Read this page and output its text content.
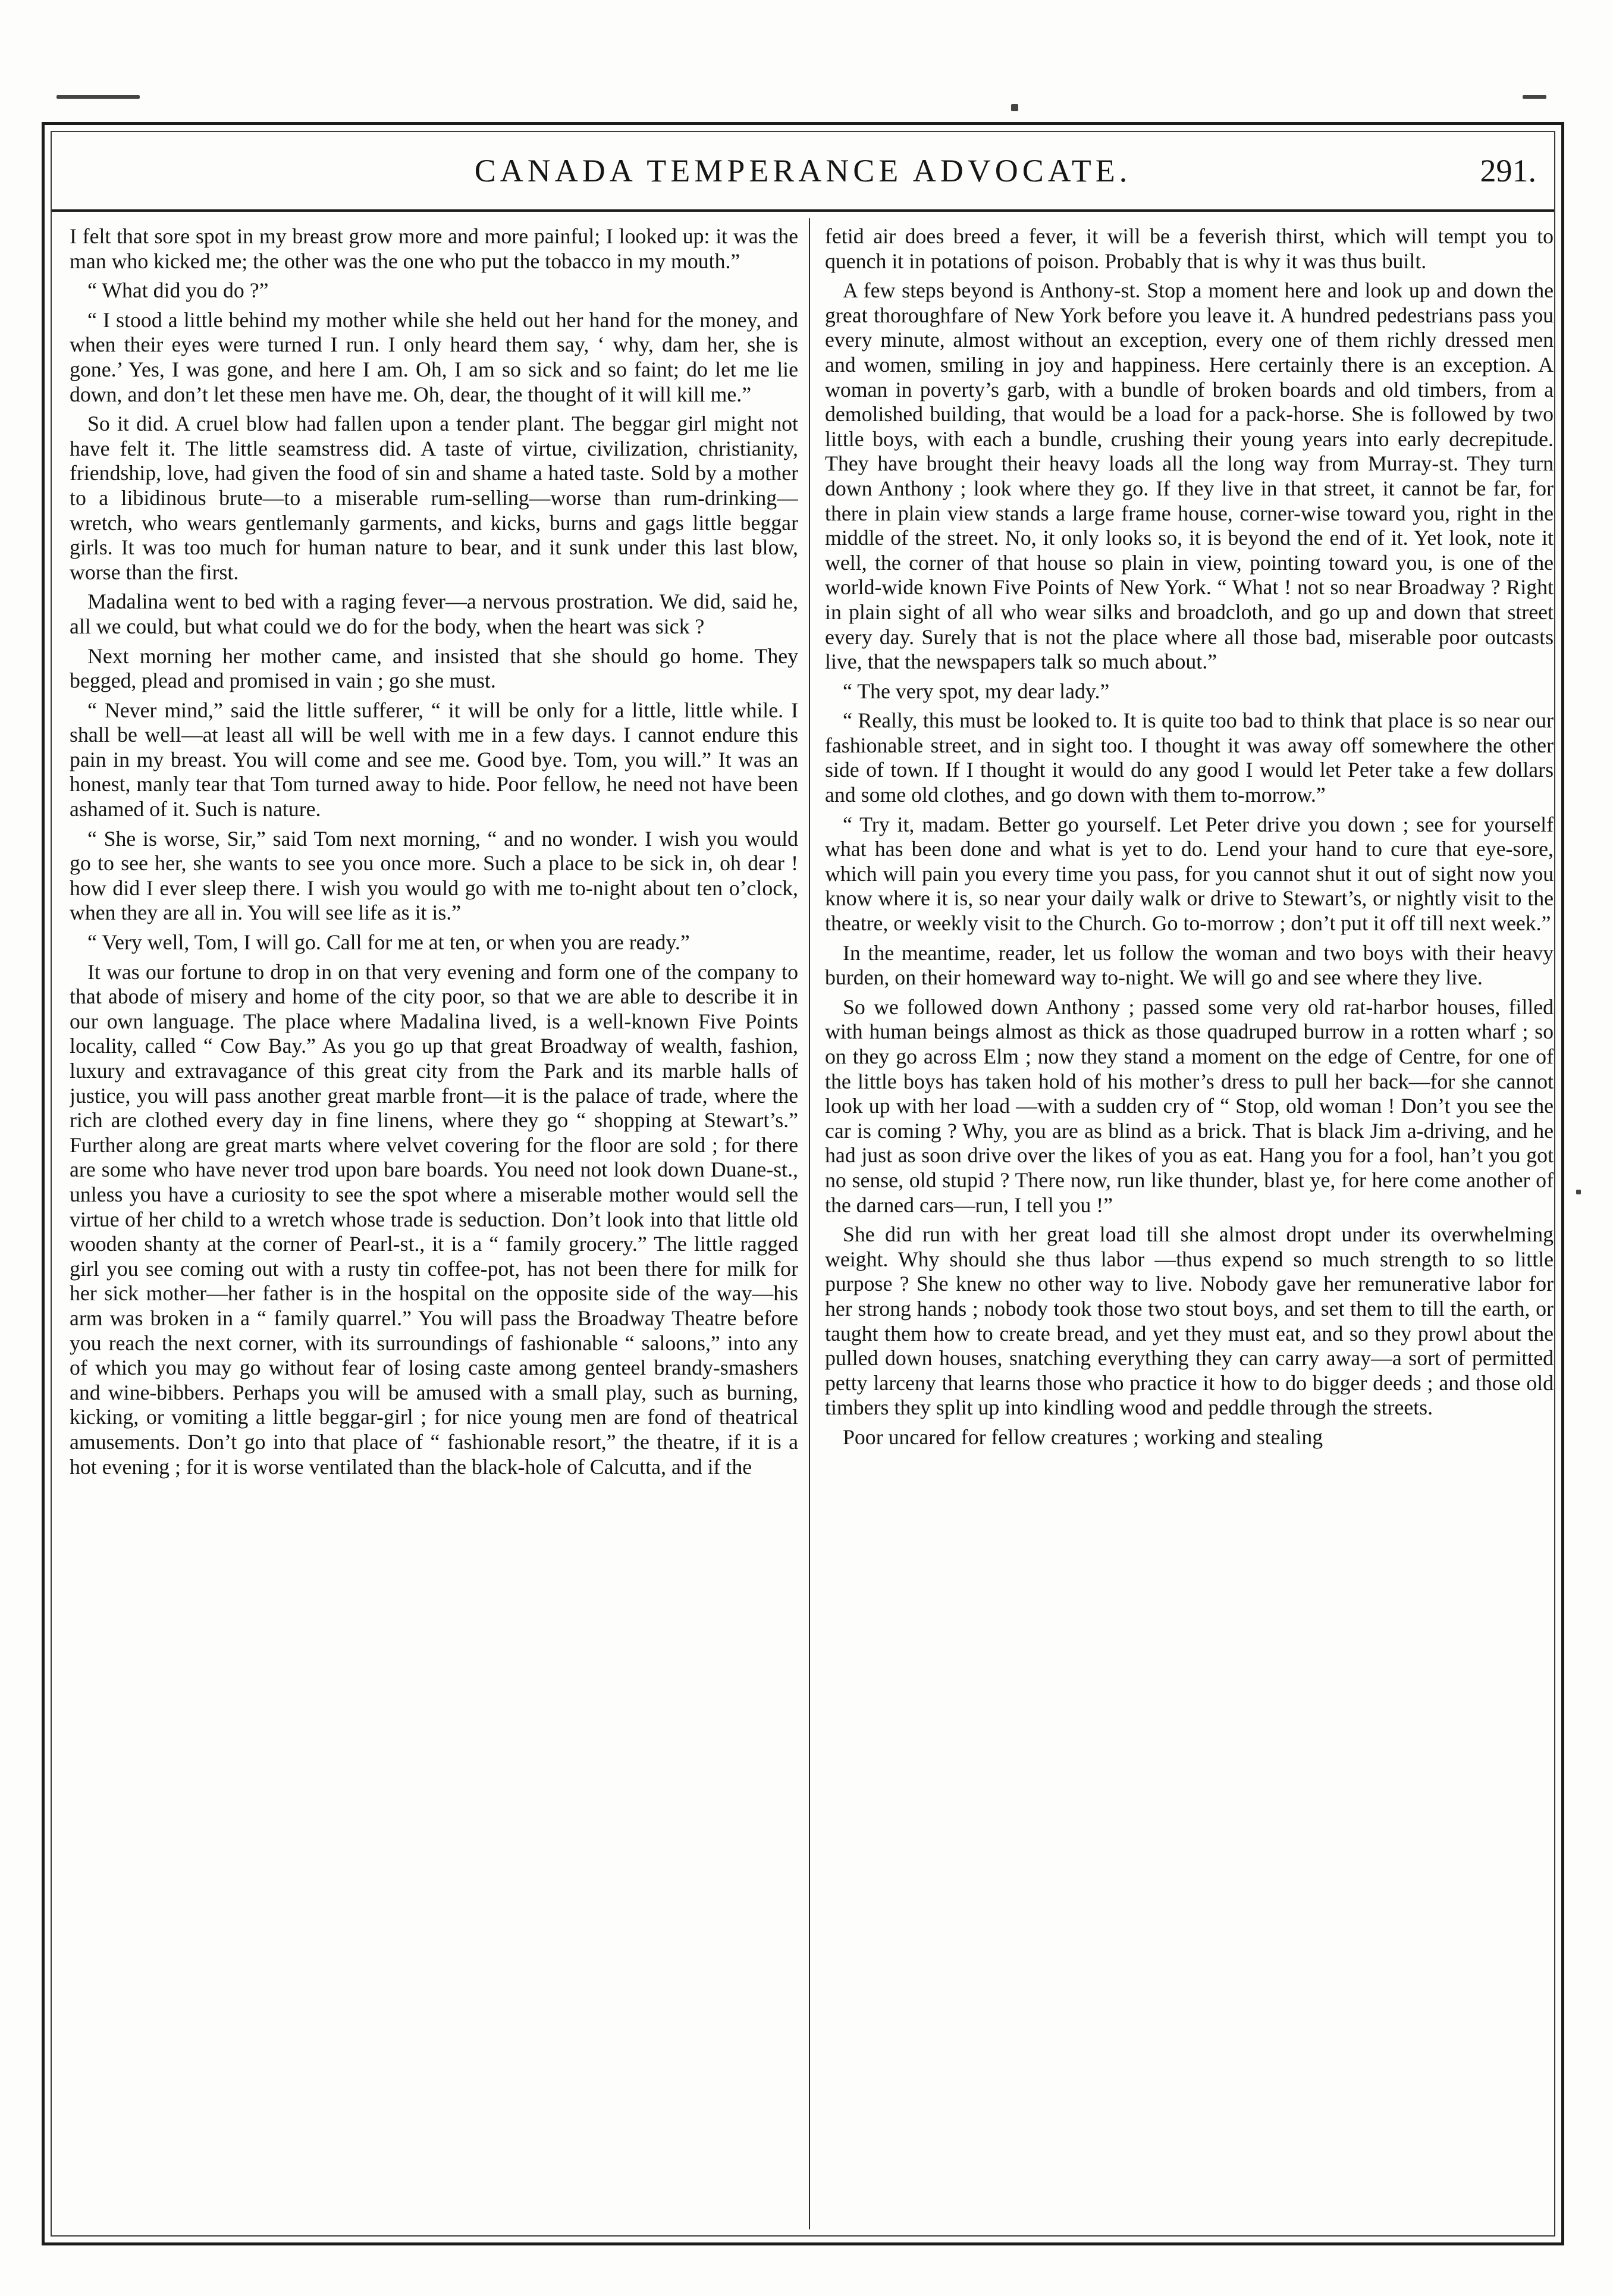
CANADA TEMPERANCE ADVOCATE.	291.

I felt that sore spot in my breast grow more and more painful; I looked up: it was the man who kicked me; the other was the one who put the tobacco in my mouth.”

“ What did you do ?”

“ I stood a little behind my mother while she held out her hand for the money, and when their eyes were turned I run. I only heard them say, ‘ why, dam her, she is gone.’ Yes, I was gone, and here I am. Oh, I am so sick and so faint; do let me lie down, and don’t let these men have me. Oh, dear, the thought of it will kill me.”

So it did. A cruel blow had fallen upon a tender plant. The beggar girl might not have felt it. The little seamstress did. A taste of virtue, civilization, christianity, friendship, love, had given the food of sin and shame a hated taste. Sold by a mother to a libidinous brute—to a miserable rum-selling—worse than rum-drinking—wretch, who wears gentlemanly garments, and kicks, burns and gags little beggar girls. It was too much for human nature to bear, and it sunk under this last blow, worse than the first.

Madalina went to bed with a raging fever—a nervous prostration. We did, said he, all we could, but what could we do for the body, when the heart was sick ?

Next morning her mother came, and insisted that she should go home. They begged, plead and promised in vain ; go she must.

“ Never mind,” said the little sufferer, “ it will be only for a little, little while. I shall be well—at least all will be well with me in a few days. I cannot endure this pain in my breast. You will come and see me. Good bye. Tom, you will.” It was an honest, manly tear that Tom turned away to hide. Poor fellow, he need not have been ashamed of it. Such is nature.

“ She is worse, Sir,” said Tom next morning, “ and no wonder. I wish you would go to see her, she wants to see you once more. Such a place to be sick in, oh dear ! how did I ever sleep there. I wish you would go with me to-night about ten o’clock, when they are all in. You will see life as it is.”

“ Very well, Tom, I will go. Call for me at ten, or when you are ready.”

It was our fortune to drop in on that very evening and form one of the company to that abode of misery and home of the city poor, so that we are able to describe it in our own language. The place where Madalina lived, is a well-known Five Points locality, called “ Cow Bay.” As you go up that great Broadway of wealth, fashion, luxury and extravagance of this great city from the Park and its marble halls of justice, you will pass another great marble front—it is the palace of trade, where the rich are clothed every day in fine linens, where they go “ shopping at Stewart’s.” Further along are great marts where velvet covering for the floor are sold ; for there are some who have never trod upon bare boards. You need not look down Duane-st., unless you have a curiosity to see the spot where a miserable mother would sell the virtue of her child to a wretch whose trade is seduction. Don’t look into that little old wooden shanty at the corner of Pearl-st., it is a “ family grocery.” The little ragged girl you see coming out with a rusty tin coffee-pot, has not been there for milk for her sick mother—her father is in the hospital on the opposite side of the way—his arm was broken in a “ family quarrel.” You will pass the Broadway Theatre before you reach the next corner, with its surroundings of fashionable “ saloons,” into any of which you may go without fear of losing caste among genteel brandy-smashers and wine-bibbers. Perhaps you will be amused with a small play, such as burning, kicking, or vomiting a little beggar-girl ; for nice young men are fond of theatrical amusements. Don’t go into that place of “ fashionable resort,” the theatre, if it is a hot evening ; for it is worse ventilated than the black-hole of Calcutta, and if the

fetid air does breed a fever, it will be a feverish thirst, which will tempt you to quench it in potations of poison. Probably that is why it was thus built.

A few steps beyond is Anthony-st. Stop a moment here and look up and down the great thoroughfare of New York before you leave it. A hundred pedestrians pass you every minute, almost without an exception, every one of them richly dressed men and women, smiling in joy and happiness. Here certainly there is an exception. A woman in poverty’s garb, with a bundle of broken boards and old timbers, from a demolished building, that would be a load for a pack-horse. She is followed by two little boys, with each a bundle, crushing their young years into early decrepitude. They have brought their heavy loads all the long way from Murray-st. They turn down Anthony ; look where they go. If they live in that street, it cannot be far, for there in plain view stands a large frame house, corner-wise toward you, right in the middle of the street. No, it only looks so, it is beyond the end of it. Yet look, note it well, the corner of that house so plain in view, pointing toward you, is one of the world-wide known Five Points of New York. “ What ! not so near Broadway ? Right in plain sight of all who wear silks and broadcloth, and go up and down that street every day. Surely that is not the place where all those bad, miserable poor outcasts live, that the newspapers talk so much about.”

“ The very spot, my dear lady.”

“ Really, this must be looked to. It is quite too bad to think that place is so near our fashionable street, and in sight too. I thought it was away off somewhere the other side of town. If I thought it would do any good I would let Peter take a few dollars and some old clothes, and go down with them to-morrow.”

“ Try it, madam. Better go yourself. Let Peter drive you down ; see for yourself what has been done and what is yet to do. Lend your hand to cure that eye-sore, which will pain you every time you pass, for you cannot shut it out of sight now you know where it is, so near your daily walk or drive to Stewart’s, or nightly visit to the theatre, or weekly visit to the Church. Go to-morrow ; don’t put it off till next week.”

In the meantime, reader, let us follow the woman and two boys with their heavy burden, on their homeward way to-night. We will go and see where they live.

So we followed down Anthony ; passed some very old rat-harbor houses, filled with human beings almost as thick as those quadruped burrow in a rotten wharf ; so on they go across Elm ; now they stand a moment on the edge of Centre, for one of the little boys has taken hold of his mother’s dress to pull her back—for she cannot look up with her load —with a sudden cry of “ Stop, old woman ! Don’t you see the car is coming ? Why, you are as blind as a brick. That is black Jim a-driving, and he had just as soon drive over the likes of you as eat. Hang you for a fool, han’t you got no sense, old stupid ? There now, run like thunder, blast ye, for here come another of the darned cars—run, I tell you !”

She did run with her great load till she almost dropt under its overwhelming weight. Why should she thus labor —thus expend so much strength to so little purpose ? She knew no other way to live. Nobody gave her remunerative labor for her strong hands ; nobody took those two stout boys, and set them to till the earth, or taught them how to create bread, and yet they must eat, and so they prowl about the pulled down houses, snatching everything they can carry away—a sort of permitted petty larceny that learns those who practice it how to do bigger deeds ; and those old timbers they split up into kindling wood and peddle through the streets.

Poor uncared for fellow creatures ; working and stealing
